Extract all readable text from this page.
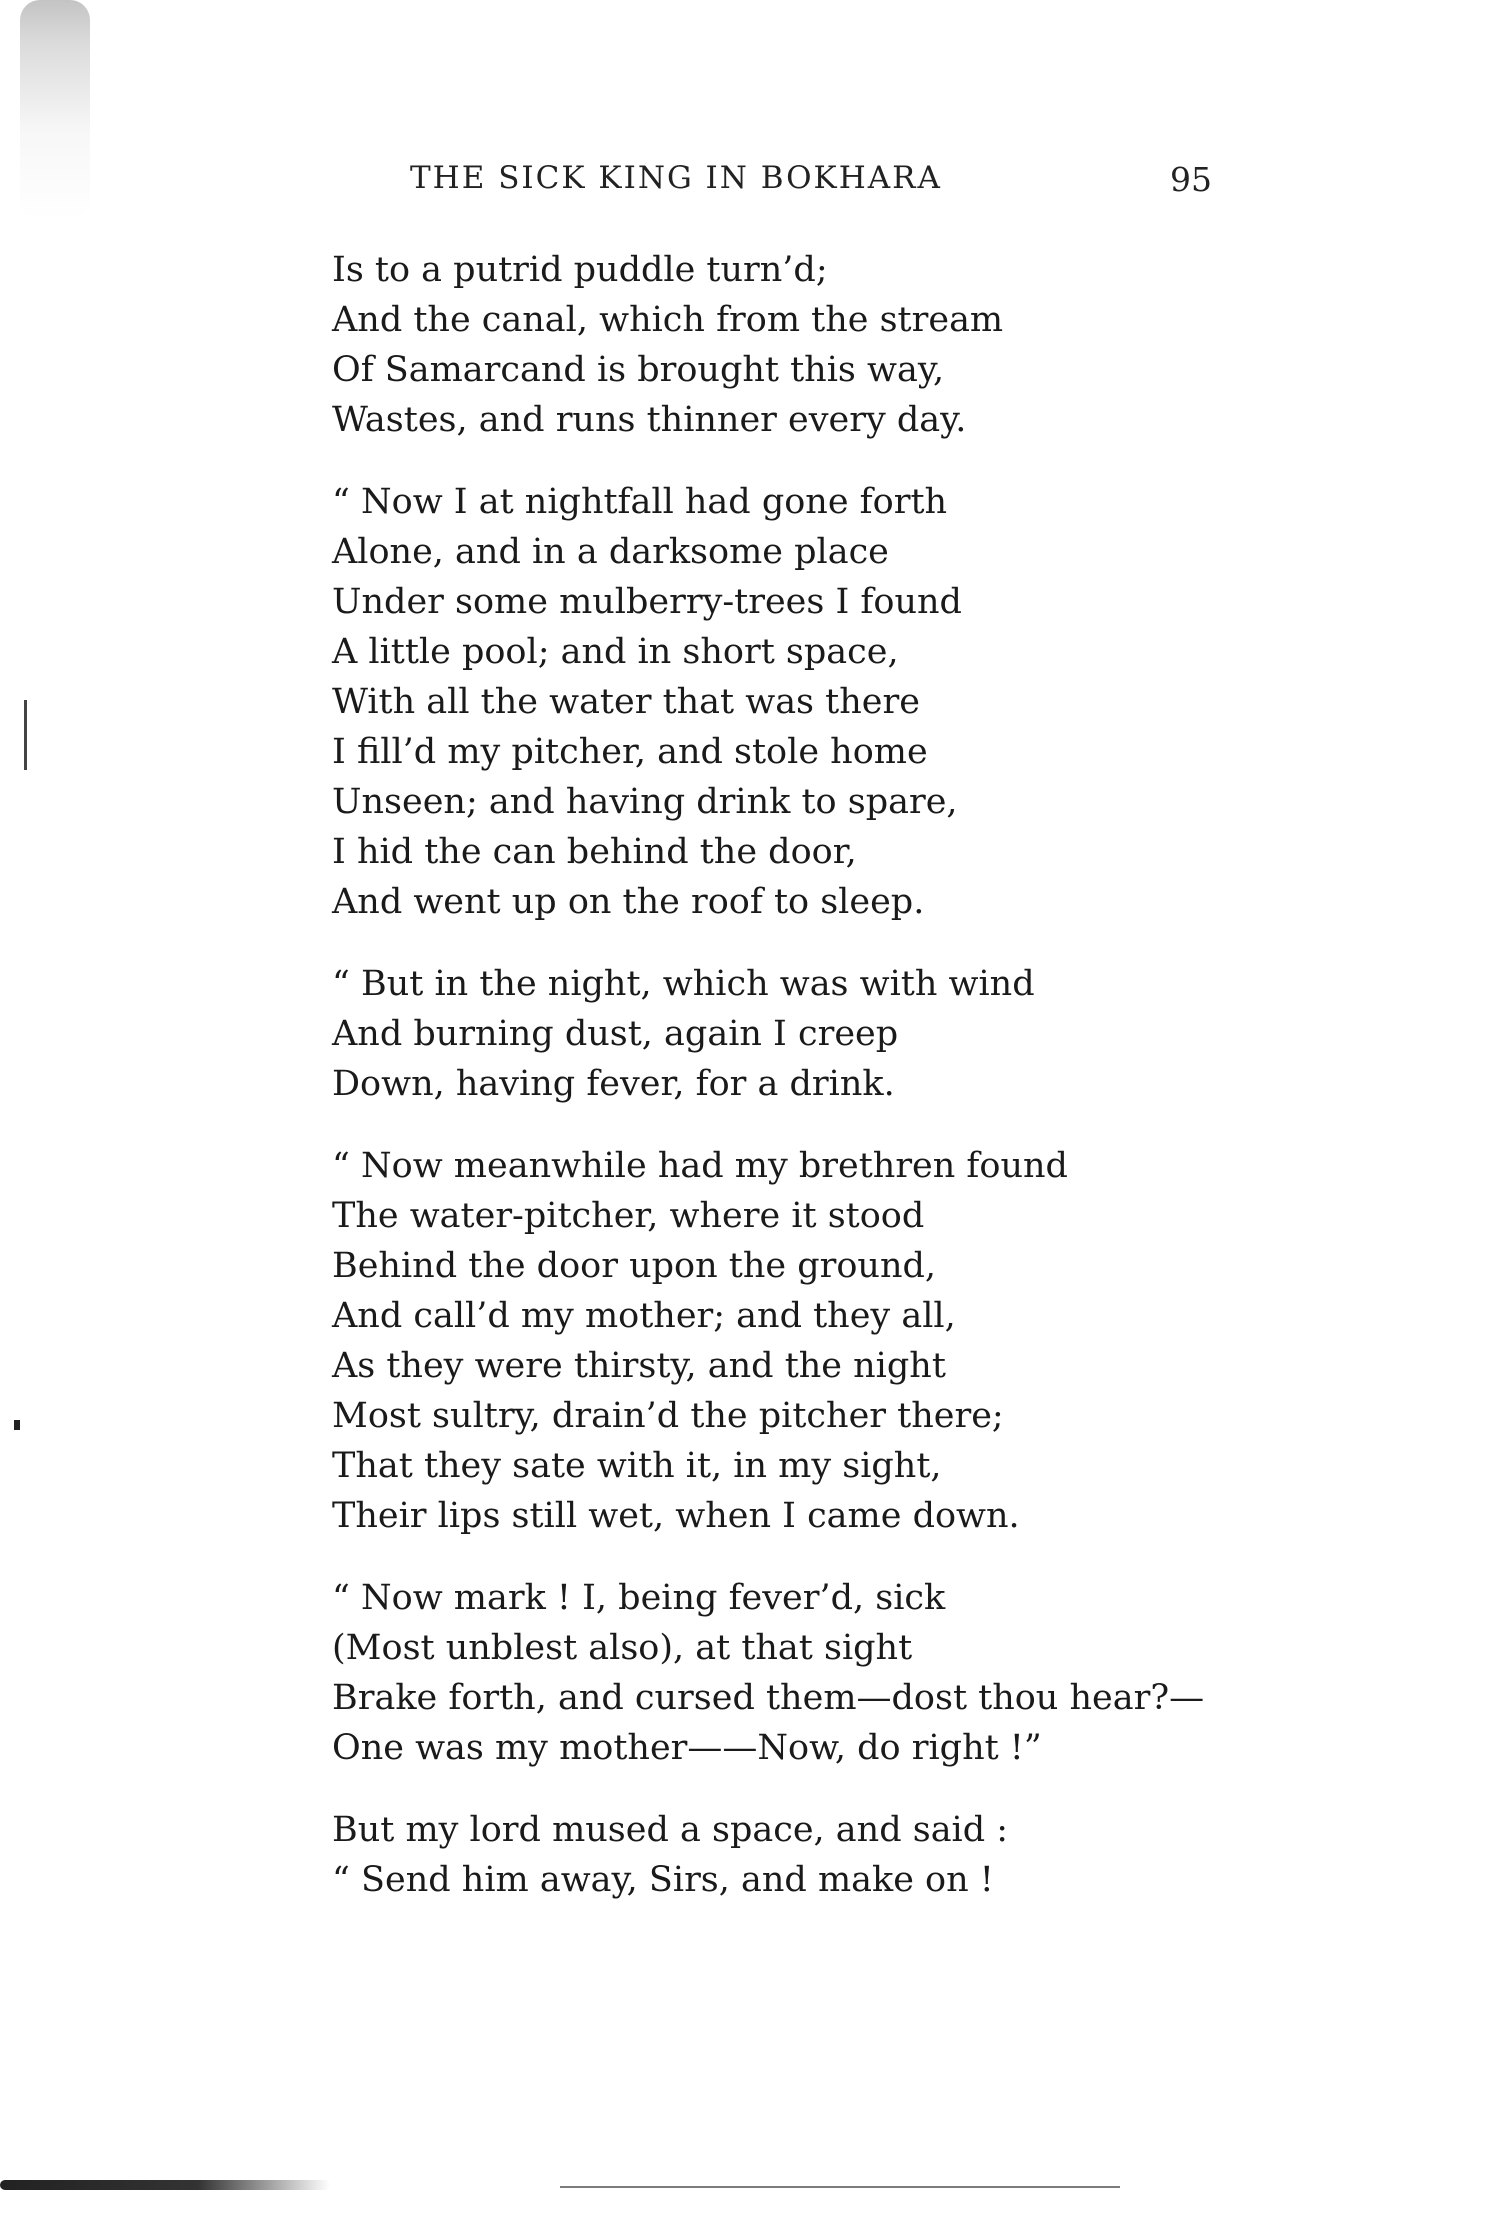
THE SICK KING IN BOKHARA	95
Is to a putrid puddle turn’d;
And the canal, which from the stream
Of Samarcand is brought this way,
Wastes, and runs thinner every day.
“ Now I at nightfall had gone forth
Alone, and in a darksome place
Under some mulberry-trees I found
A little pool; and in short space,
With all the water that was there
I fill’d my pitcher, and stole home
Unseen; and having drink to spare,
I hid the can behind the door,
And went up on the roof to sleep.
“ But in the night, which was with wind
And burning dust, again I creep
Down, having fever, for a drink.
“ Now meanwhile had my brethren found
The water-pitcher, where it stood
Behind the door upon the ground,
And call’d my mother; and they all,
As they were thirsty, and the night
Most sultry, drain’d the pitcher there;
That they sate with it, in my sight,
Their lips still wet, when I came down.
“ Now mark ! I, being fever’d, sick
(Most unblest also), at that sight
Brake forth, and cursed them—dost thou hear?—
One was my mother——Now, do right !”
But my lord mused a space, and said :
“ Send him away, Sirs, and make on !
